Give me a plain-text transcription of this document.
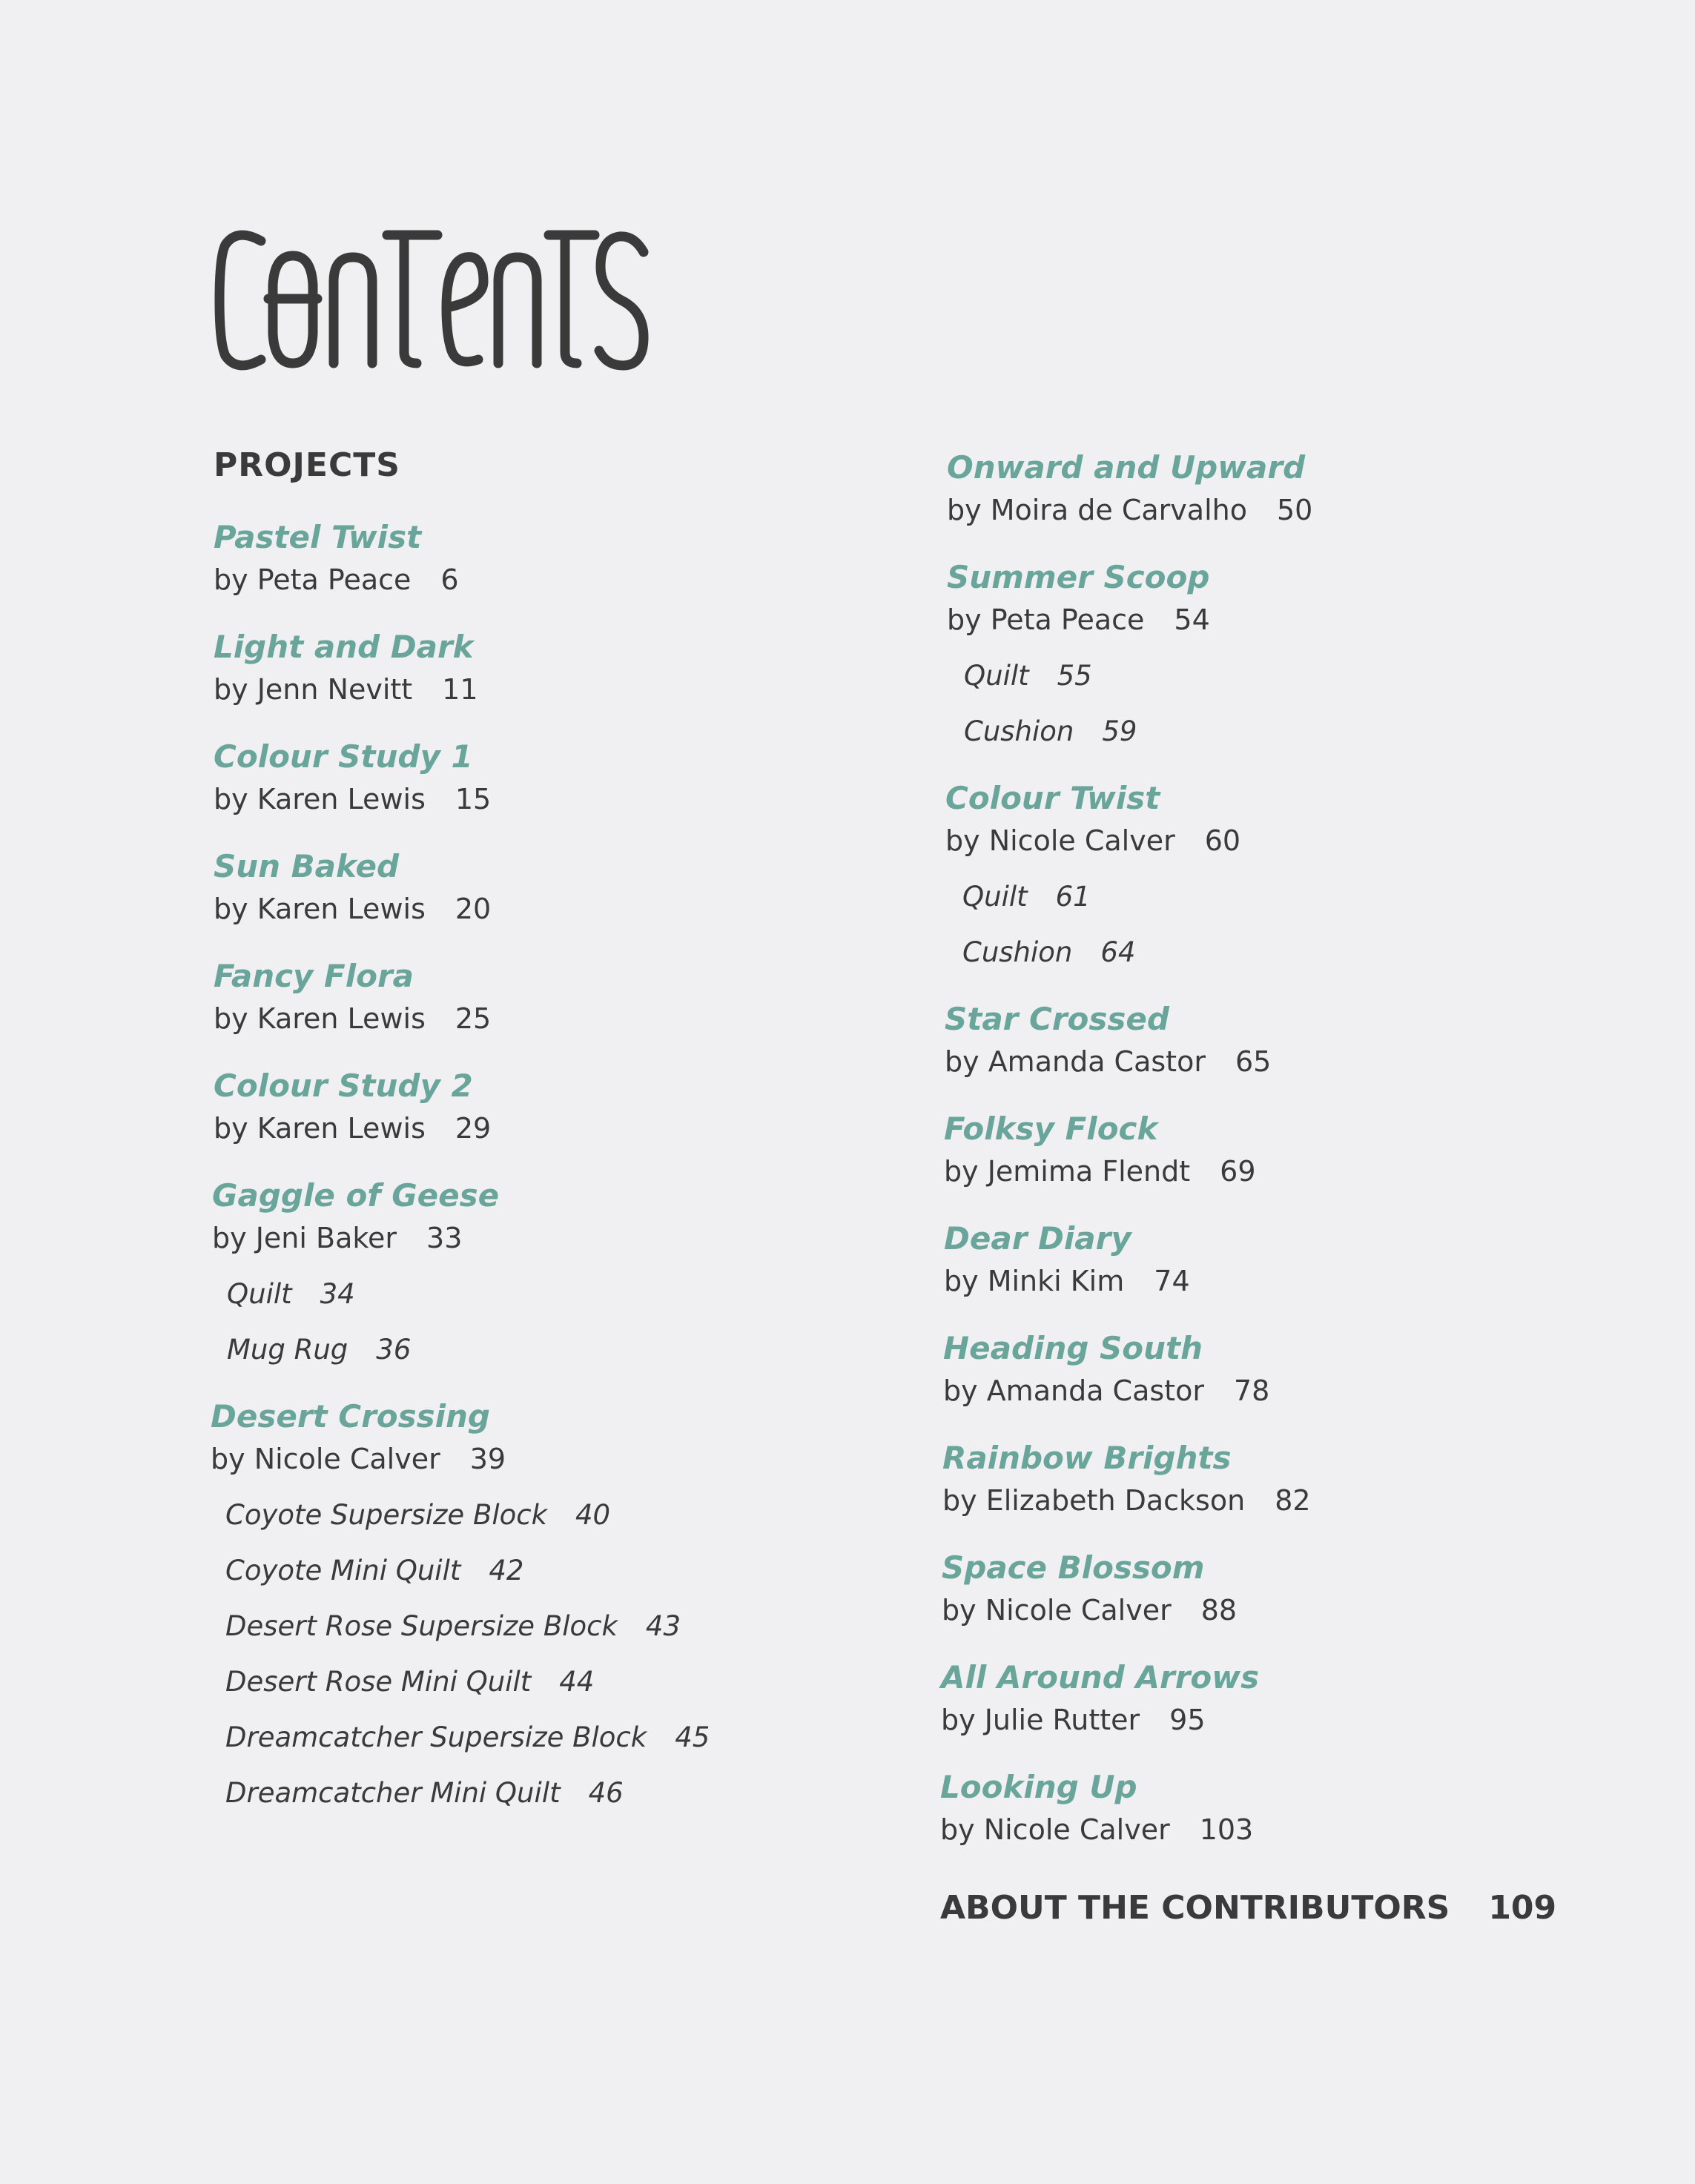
CONTENTS
PROJECTS
Pastel Twist
by Peta Peace 6
Light and Dark
by Jenn Nevitt 11
Colour Study 1
by Karen Lewis 15
Sun Baked
by Karen Lewis 20
Fancy Flora
by Karen Lewis 25
Colour Study 2
by Karen Lewis 29
Gaggle of Geese
by Jeni Baker 33
Quilt 34
Mug Rug 36
Desert Crossing
by Nicole Calver 39
Coyote Supersize Block 40
Coyote Mini Quilt 42
Desert Rose Supersize Block 43
Desert Rose Mini Quilt 44
Dreamcatcher Supersize Block 45
Dreamcatcher Mini Quilt 46
Onward and Upward
by Moira de Carvalho 50
Summer Scoop
by Peta Peace 54
Quilt 55
Cushion 59
Colour Twist
by Nicole Calver 60
Quilt 61
Cushion 64
Star Crossed
by Amanda Castor 65
Folksy Flock
by Jemima Flendt 69
Dear Diary
by Minki Kim 74
Heading South
by Amanda Castor 78
Rainbow Brights
by Elizabeth Dackson 82
Space Blossom
by Nicole Calver 88
All Around Arrows
by Julie Rutter 95
Looking Up
by Nicole Calver 103
ABOUT THE CONTRIBUTORS 109
